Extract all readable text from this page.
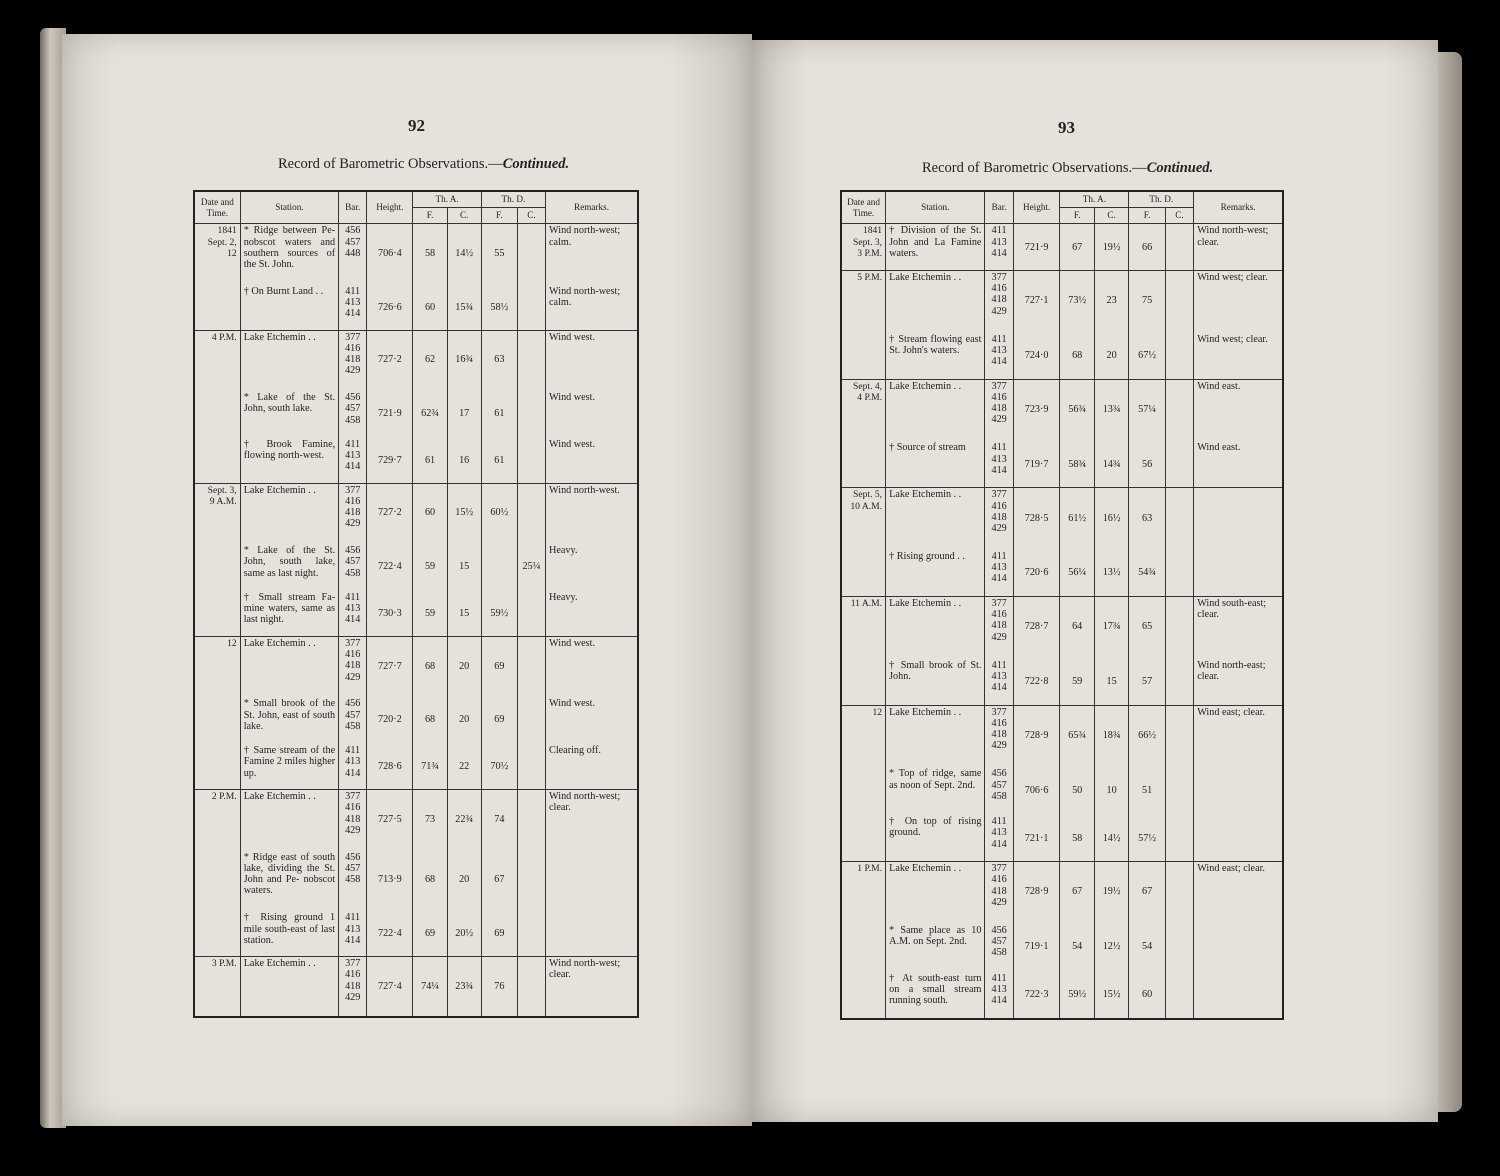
92
Record of Barometric Observations.—Continued.
93
Record of Barometric Observations.—Continued.
Date and Time.	Station.	Bar.	Height.	Th. A.		Th. D.		Remarks.
				F.	C.	F.	C.	
1841
Sept. 2,
12	* Ridge between Pe- nobscot waters and southern sources of the St. John.	456
457
448	706·4	58	14½	55		Wind north-west; calm.
	† On Burnt Land . .	411
413
414	726·6	60	15¾	58½		Wind north-west; calm.
4 P.M.	Lake Etchemin . .	377
416
418
429	727·2	62	16¾	63		Wind west.
	* Lake of the St. John, south lake.	456
457
458	721·9	62¾	17	61		Wind west.
	† Brook Famine, flowing north-west.	411
413
414	729·7	61	16	61		Wind west.
Sept. 3,
9 A.M.	Lake Etchemin . .	377
416
418
429	727·2	60	15½	60½		Wind north-west.
	* Lake of the St. John, south lake, same as last night.	456
457
458	722·4	59	15		25¼	Heavy.
	† Small stream Fa- mine waters, same as last night.	411
413
414	730·3	59	15	59½		Heavy.
12	Lake Etchemin . .	377
416
418
429	727·7	68	20	69		Wind west.
	* Small brook of the St. John, east of south lake.	456
457
458	720·2	68	20	69		Wind west.
	† Same stream of the Famine 2 miles higher up.	411
413
414	728·6	71¾	22	70½		Clearing off.
2 P.M.	Lake Etchemin . .	377
416
418
429	727·5	73	22¾	74		Wind north-west; clear.
	* Ridge east of south lake, dividing the St. John and Pe- nobscot waters.	456
457
458	713·9	68	20	67		
	† Rising ground 1 mile south-east of last station.	411
413
414	722·4	69	20½	69		
3 P.M.	Lake Etchemin . .	377
416
418
429	727·4	74¼	23¾	76		Wind north-west; clear.
Date and Time.	Station.	Bar.	Height.	Th. A.		Th. D.		Remarks.
				F.	C.	F.	C.	
1841
Sept. 3,
3 P.M.	† Division of the St. John and La Famine waters.	411
413
414	721·9	67	19½	66		Wind north-west; clear.
5 P.M.	Lake Etchemin . .	377
416
418
429	727·1	73½	23	75		Wind west; clear.
	† Stream flowing east St. John's waters.	411
413
414	724·0	68	20	67½		Wind west; clear.
Sept. 4,
4 P.M.	Lake Etchemin . .	377
416
418
429	723·9	56¾	13¾	57¼		Wind east.
	† Source of stream	411
413
414	719·7	58¾	14¾	56		Wind east.
Sept. 5,
10 A.M.	Lake Etchemin . .	377
416
418
429	728·5	61½	16½	63		
	† Rising ground . .	411
413
414	720·6	56¼	13½	54¾		
11 A.M.	Lake Etchemin . .	377
416
418
429	728·7	64	17¾	65		Wind south-east; clear.
	† Small brook of St. John.	411
413
414	722·8	59	15	57		Wind north-east; clear.
12	Lake Etchemin . .	377
416
418
429	728·9	65¾	18¾	66½		Wind east; clear.
	* Top of ridge, same as noon of Sept. 2nd.	456
457
458	706·6	50	10	51		
	† On top of rising ground.	411
413
414	721·1	58	14½	57½		
1 P.M.	Lake Etchemin . .	377
416
418
429	728·9	67	19½	67		Wind east; clear.
	* Same place as 10 A.M. on Sept. 2nd.	456
457
458	719·1	54	12½	54		
	† At south-east turn on a small stream running south.	411
413
414	722·3	59½	15½	60		
